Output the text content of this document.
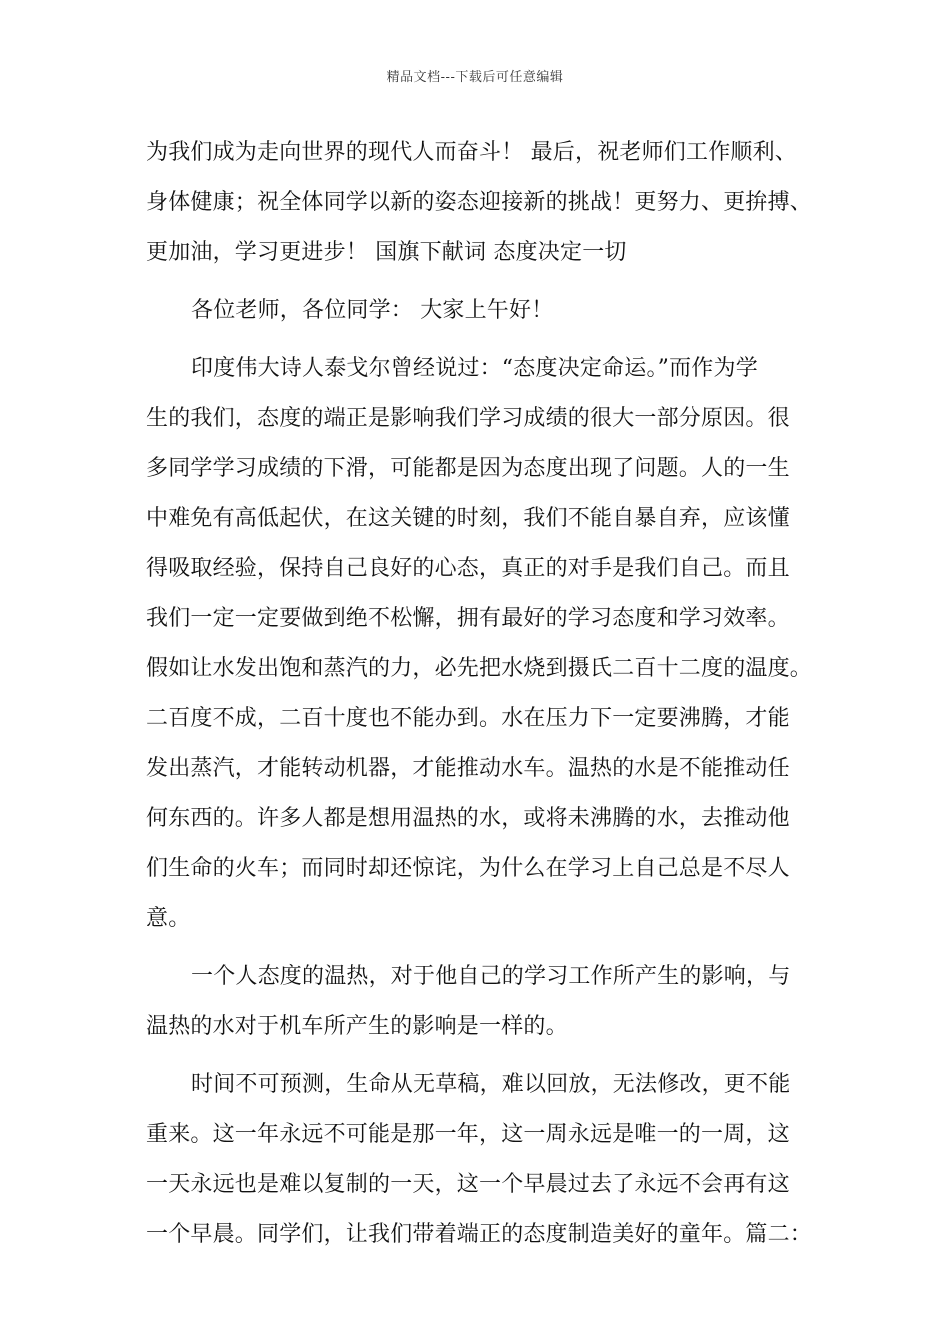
精品文档---下载后可任意编辑
为我们成为走向世界的现代人而奋斗！ 最后，祝老师们工作顺利、
身体健康；祝全体同学以新的姿态迎接新的挑战！更努力、更拚搏、
更加油，学习更进步！ 国旗下献词 态度决定一切
各位老师，各位同学： 大家上午好！
印度伟大诗人泰戈尔曾经说过：“态度决定命运。”而作为学
生的我们，态度的端正是影响我们学习成绩的很大一部分原因。很
多同学学习成绩的下滑，可能都是因为态度出现了问题。人的一生
中难免有高低起伏，在这关键的时刻，我们不能自暴自弃，应该懂
得吸取经验，保持自己良好的心态，真正的对手是我们自己。而且
我们一定一定要做到绝不松懈，拥有最好的学习态度和学习效率。
假如让水发出饱和蒸汽的力，必先把水烧到摄氏二百十二度的温度。
二百度不成，二百十度也不能办到。水在压力下一定要沸腾，才能
发出蒸汽，才能转动机器，才能推动水车。温热的水是不能推动任
何东西的。许多人都是想用温热的水，或将未沸腾的水，去推动他
们生命的火车；而同时却还惊诧，为什么在学习上自己总是不尽人
意。
一个人态度的温热，对于他自己的学习工作所产生的影响，与
温热的水对于机车所产生的影响是一样的。
时间不可预测，生命从无草稿，难以回放，无法修改，更不能
重来。这一年永远不可能是那一年，这一周永远是唯一的一周，这
一天永远也是难以复制的一天，这一个早晨过去了永远不会再有这
一个早晨。同学们，让我们带着端正的态度制造美好的童年。篇二：
